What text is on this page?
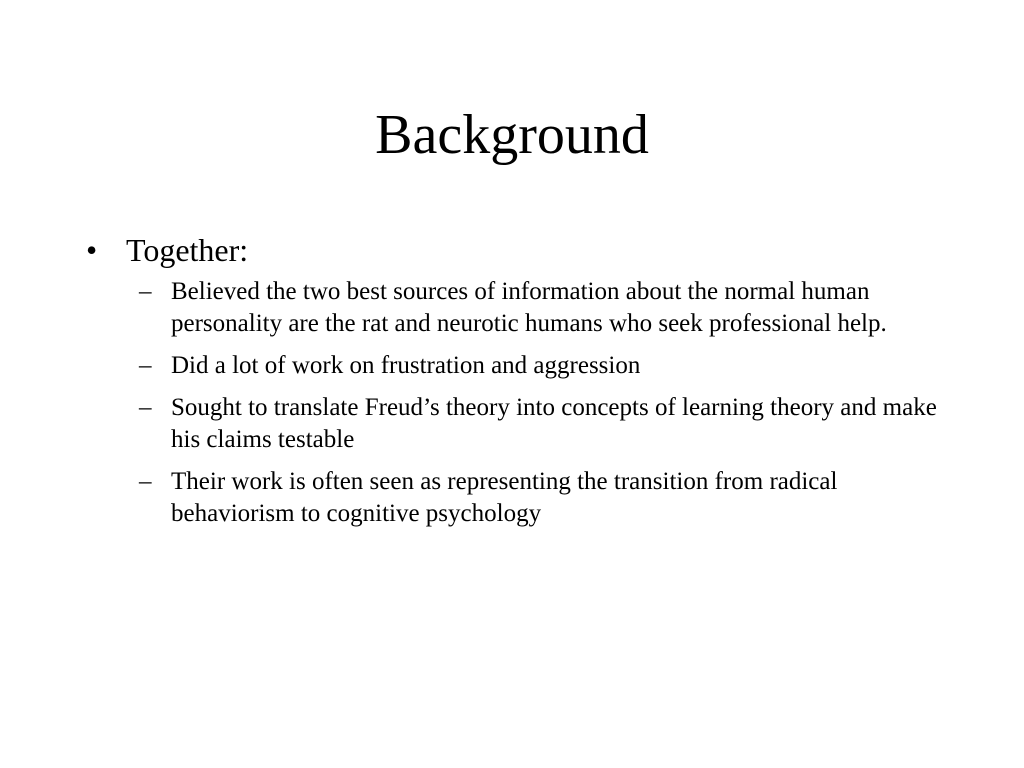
Background
• Together:
– Believed the two best sources of information about the normal human personality are the rat and neurotic humans who seek professional help.
– Did a lot of work on frustration and aggression
– Sought to translate Freud’s theory into concepts of learning theory and make his claims testable
– Their work is often seen as representing the transition from radical behaviorism to cognitive psychology
